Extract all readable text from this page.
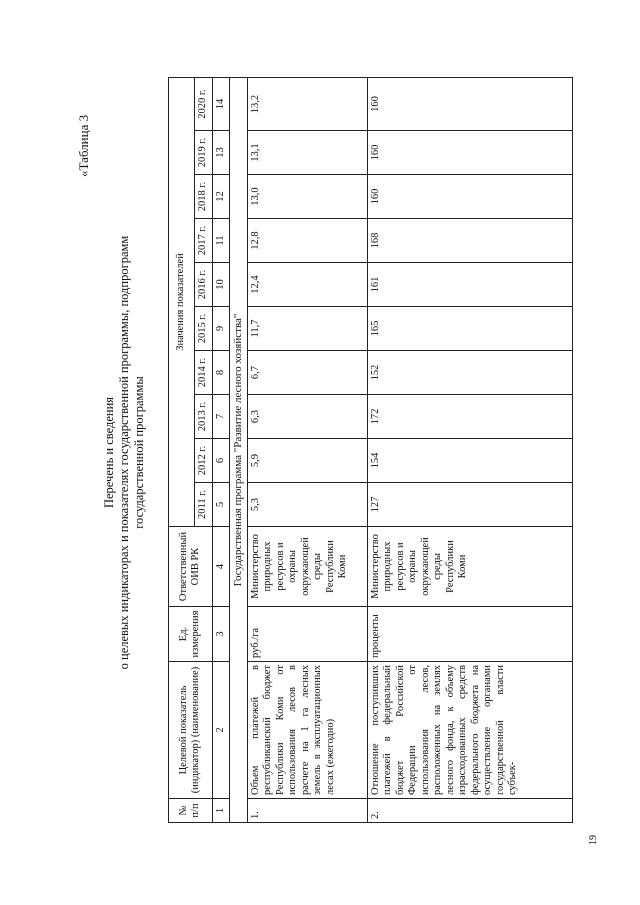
19
«Таблица 3
Перечень и сведения о целевых индикаторах и показателях государственной программы, подпрограмм государственной программы
№ п/п	Целевой показатель (индикатор) (наименование)	Ед. измерения	Ответственный ОИВ РК	Значения показателей									
				2011 г.	2012 г.	2013 г.	2014 г.	2015 г.	2016 г.	2017 г.	2018 г.	2019 г.	2020 г.
1	2	3	4	5	6	7	8	9	10	11	12	13	14
Государственная программа "Развитие лесного хозяйства"													
1.	Объем платежей в республиканский бюджет Республики Коми от использования лесов в расчете на 1 га лесных земель в эксплуатационных лесах (ежегодно)	руб./га	Министерство природных ресурсов и охраны окружающей среды Республики Коми	5,3	5,9	6,3	6,7	11,7	12,4	12,8	13,0	13,1	13,2
2.	Отношение поступивших платежей в федеральный бюджет Российской Федерации от использования лесов, расположенных на землях лесного фонда, к объему израсходованных средств федерального бюджета на осуществление органами государственной власти субъек-	проценты	Министерство природных ресурсов и охраны окружающей среды Республики Коми	127	154	172	152	165	161	168	160	160	160
